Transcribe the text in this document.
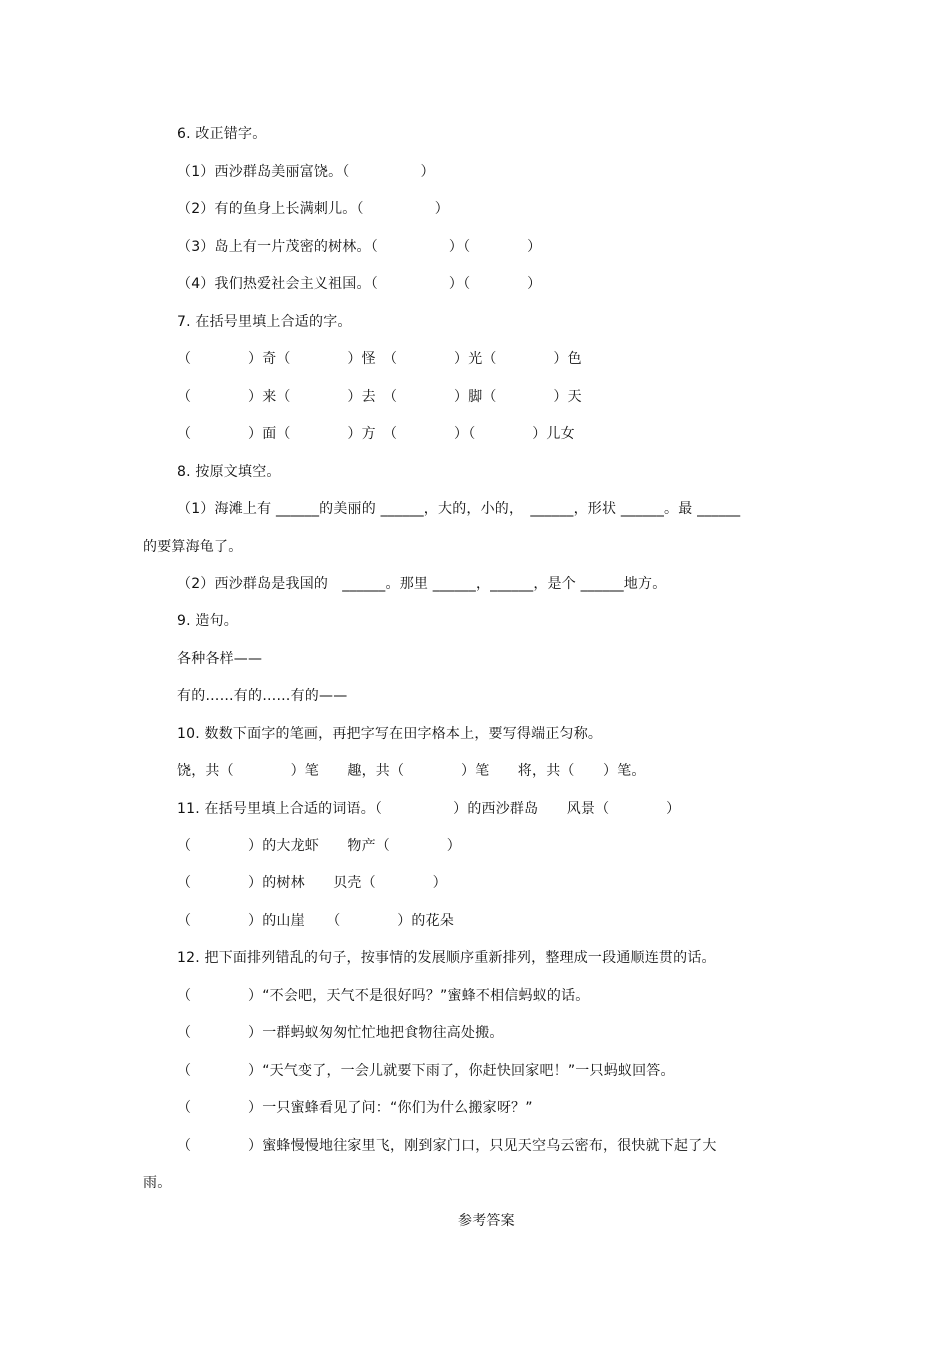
6. 改正错字。
（1）西沙群岛美丽富饶。（　　　　　）
（2）有的鱼身上长满刺儿。（　　　　　）
（3）岛上有一片茂密的树林。（　　　　　）（　　　　）
（4）我们热爱社会主义祖国。（　　　　　）（　　　　）
7. 在括号里填上合适的字。
（　　　　）奇（　　　　）怪　（　　　　）光（　　　　）色
（　　　　）来（　　　　）去　（　　　　）脚（　　　　）天
（　　　　）面（　　　　）方　（　　　　）（　　　　）儿女
8. 按原文填空。
（1）海滩上有 ______的美丽的 ______，大的，小的，　______，形状 ______。最 ______
的要算海龟了。
（2）西沙群岛是我国的　______。那里 ______，______，是个 ______地方。
9. 造句。
各种各样——
有的……有的……有的——
10. 数数下面字的笔画，再把字写在田字格本上，要写得端正匀称。
饶，共（　　　　）笔　　趣，共（　　　　）笔　　将，共（　　）笔。
11. 在括号里填上合适的词语。（　　　　　）的西沙群岛　　风景（　　　　）
（　　　　）的大龙虾　　物产（　　　　）
（　　　　）的树林　　贝壳（　　　　）
（　　　　）的山崖　　（　　　　）的花朵
12. 把下面排列错乱的句子，按事情的发展顺序重新排列，整理成一段通顺连贯的话。
（　　　　）“不会吧，天气不是很好吗？”蜜蜂不相信蚂蚁的话。
（　　　　）一群蚂蚁匆匆忙忙地把食物往高处搬。
（　　　　）“天气变了，一会儿就要下雨了，你赶快回家吧！”一只蚂蚁回答。
（　　　　）一只蜜蜂看见了问：“你们为什么搬家呀？”
（　　　　）蜜蜂慢慢地往家里飞，刚到家门口，只见天空乌云密布，很快就下起了大
雨。
参考答案
